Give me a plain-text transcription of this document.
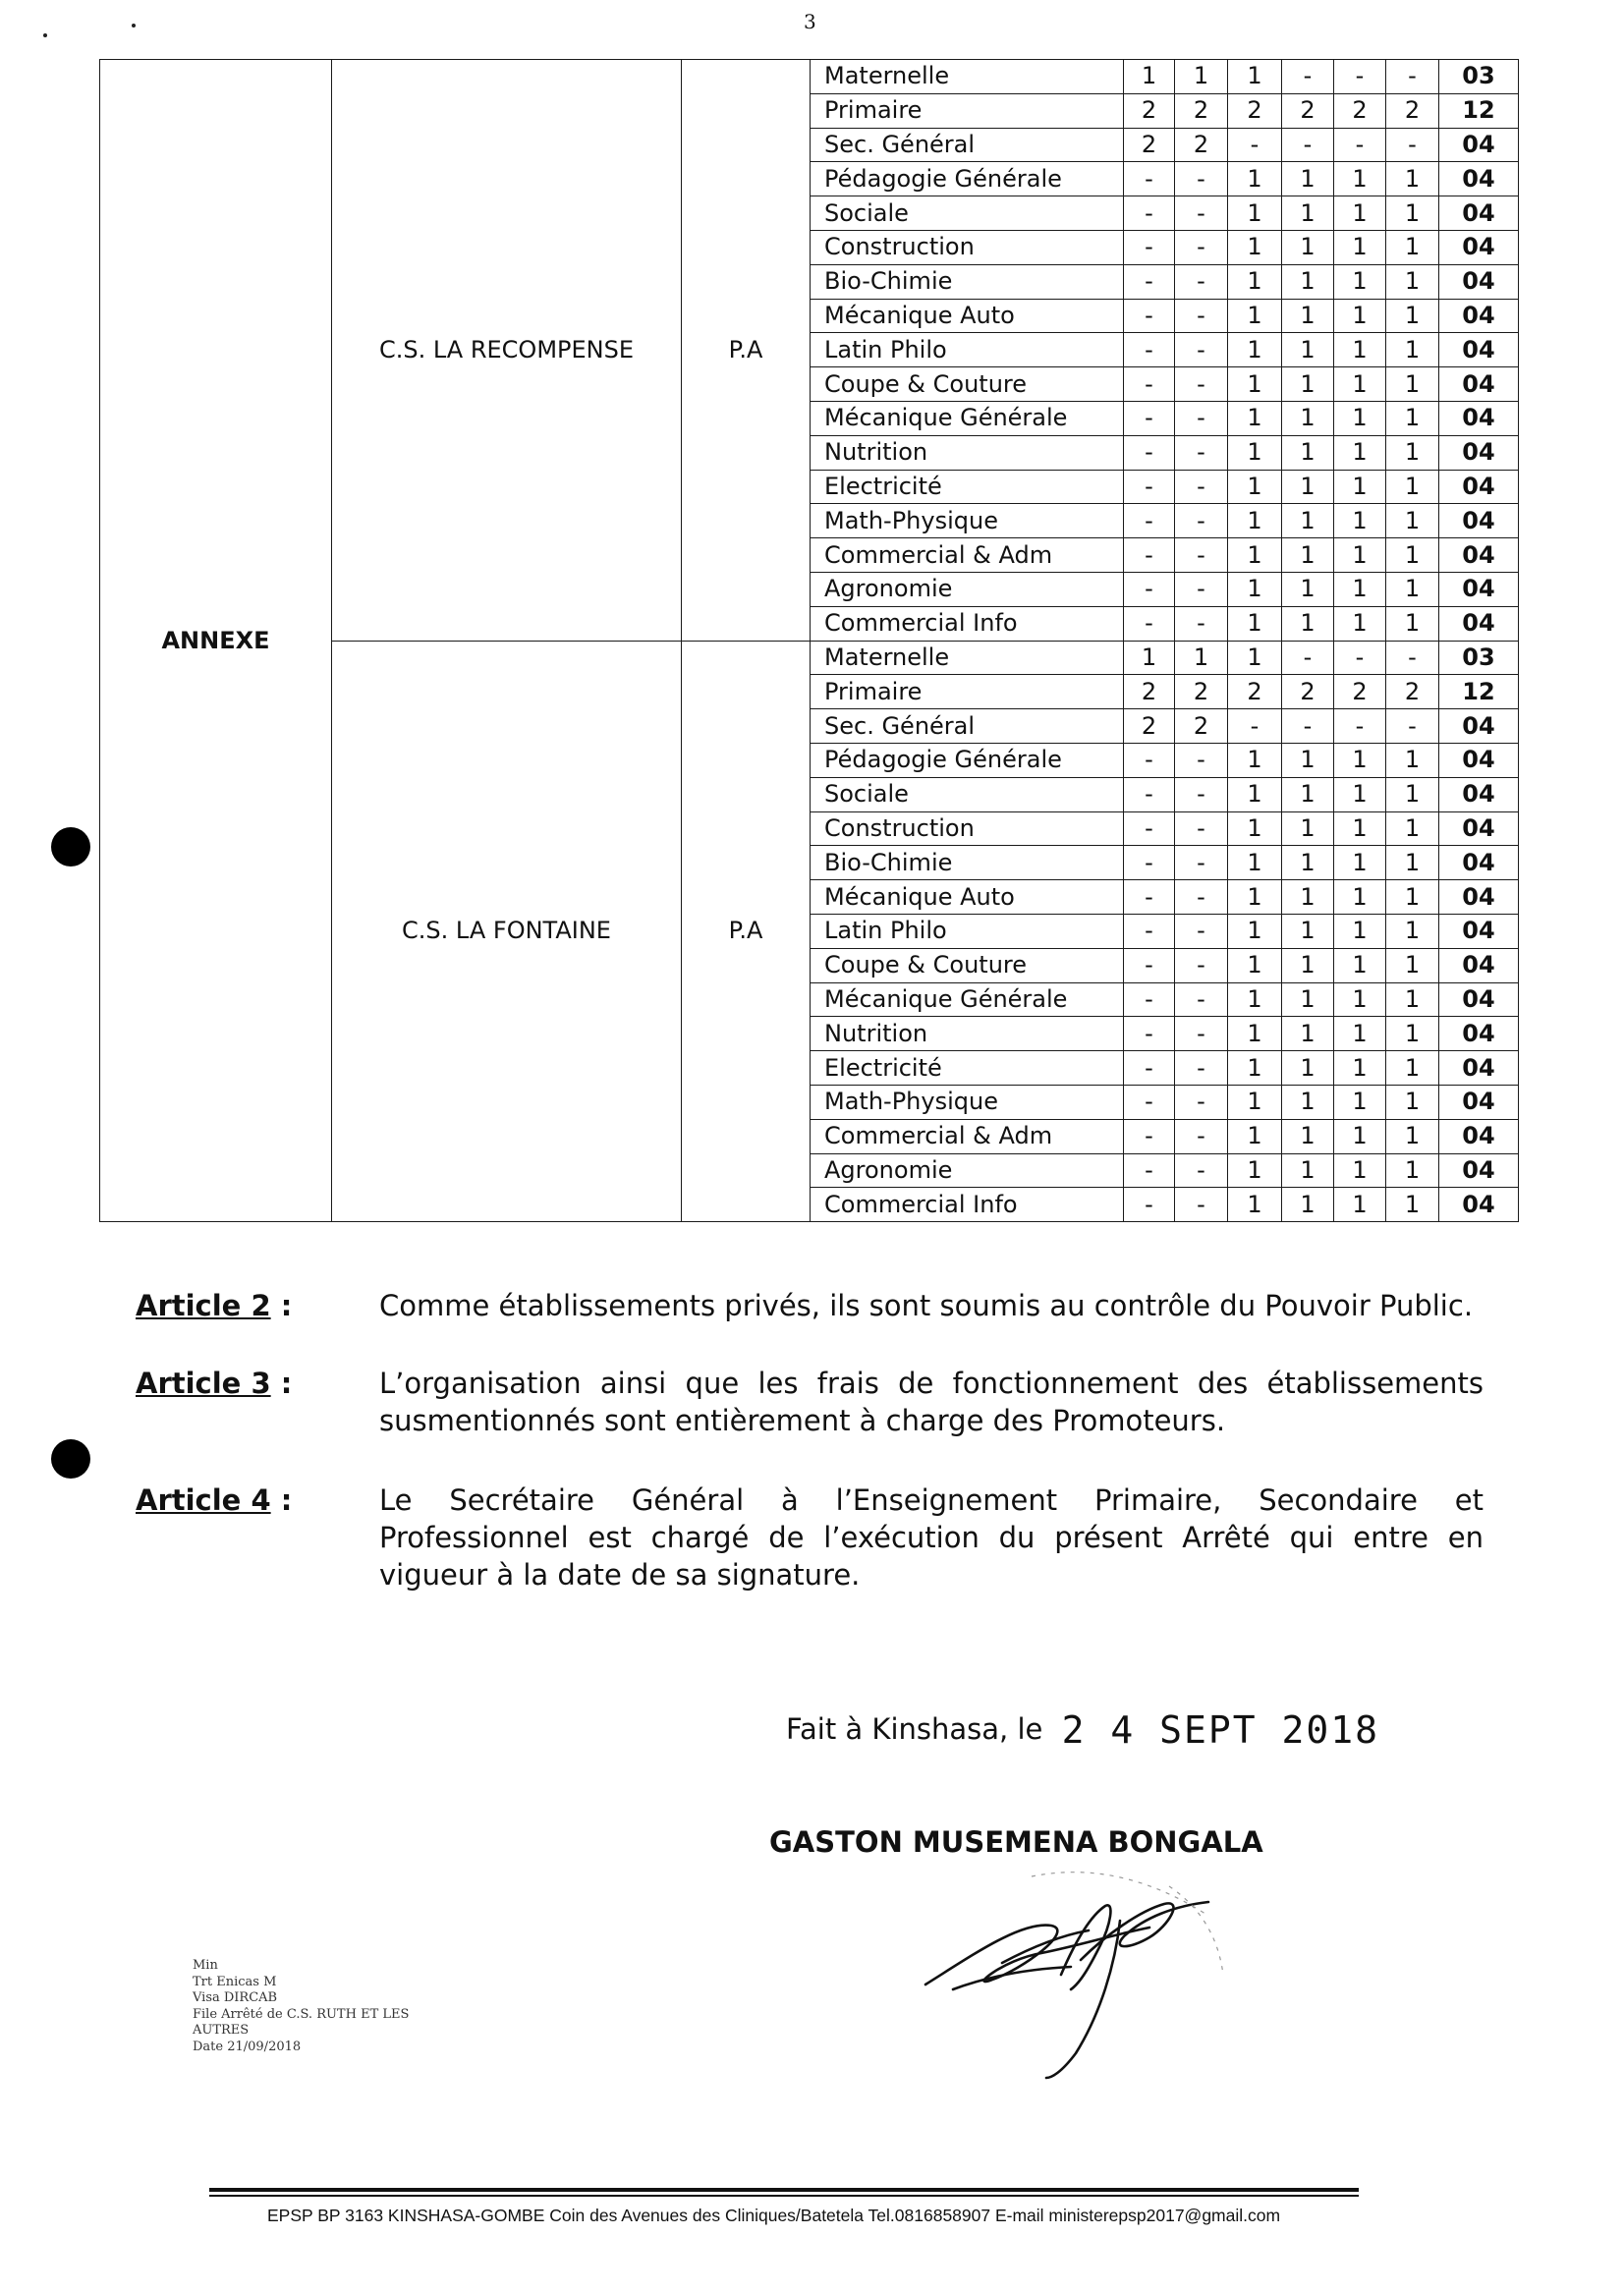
3
ANNEXE	C.S. LA RECOMPENSE	P.A	Maternelle	1	1	1	-	-	-	03
			Primaire	2	2	2	2	2	2	12
			Sec. Général	2	2	-	-	-	-	04
			Pédagogie Générale	-	-	1	1	1	1	04
			Sociale	-	-	1	1	1	1	04
			Construction	-	-	1	1	1	1	04
			Bio-Chimie	-	-	1	1	1	1	04
			Mécanique Auto	-	-	1	1	1	1	04
			Latin Philo	-	-	1	1	1	1	04
			Coupe & Couture	-	-	1	1	1	1	04
			Mécanique Générale	-	-	1	1	1	1	04
			Nutrition	-	-	1	1	1	1	04
			Electricité	-	-	1	1	1	1	04
			Math-Physique	-	-	1	1	1	1	04
			Commercial & Adm	-	-	1	1	1	1	04
			Agronomie	-	-	1	1	1	1	04
			Commercial Info	-	-	1	1	1	1	04
	C.S. LA FONTAINE	P.A	Maternelle	1	1	1	-	-	-	03
			Primaire	2	2	2	2	2	2	12
			Sec. Général	2	2	-	-	-	-	04
			Pédagogie Générale	-	-	1	1	1	1	04
			Sociale	-	-	1	1	1	1	04
			Construction	-	-	1	1	1	1	04
			Bio-Chimie	-	-	1	1	1	1	04
			Mécanique Auto	-	-	1	1	1	1	04
			Latin Philo	-	-	1	1	1	1	04
			Coupe & Couture	-	-	1	1	1	1	04
			Mécanique Générale	-	-	1	1	1	1	04
			Nutrition	-	-	1	1	1	1	04
			Electricité	-	-	1	1	1	1	04
			Math-Physique	-	-	1	1	1	1	04
			Commercial & Adm	-	-	1	1	1	1	04
			Agronomie	-	-	1	1	1	1	04
			Commercial Info	-	-	1	1	1	1	04
Article 2 :	Comme établissements privés, ils sont soumis au contrôle du Pouvoir Public.
Article 3 :	L’organisation ainsi que les frais de fonctionnement des établissements susmentionnés sont entièrement à charge des Promoteurs.
Article 4 :	Le Secrétaire Général à l’Enseignement Primaire, Secondaire et Professionnel est chargé de l’exécution du présent Arrêté qui entre en vigueur à la date de sa signature.
Fait à Kinshasa, le 2 4 SEPT 2018
GASTON MUSEMENA BONGALA
Min
Trt Enicas M
Visa DIRCAB
File Arrêté de C.S. RUTH ET LES
AUTRES
Date 21/09/2018
EPSP BP 3163 KINSHASA-GOMBE Coin des Avenues des Cliniques/Batetela Tel.0816858907 E-mail ministerepsp2017@gmail.com
